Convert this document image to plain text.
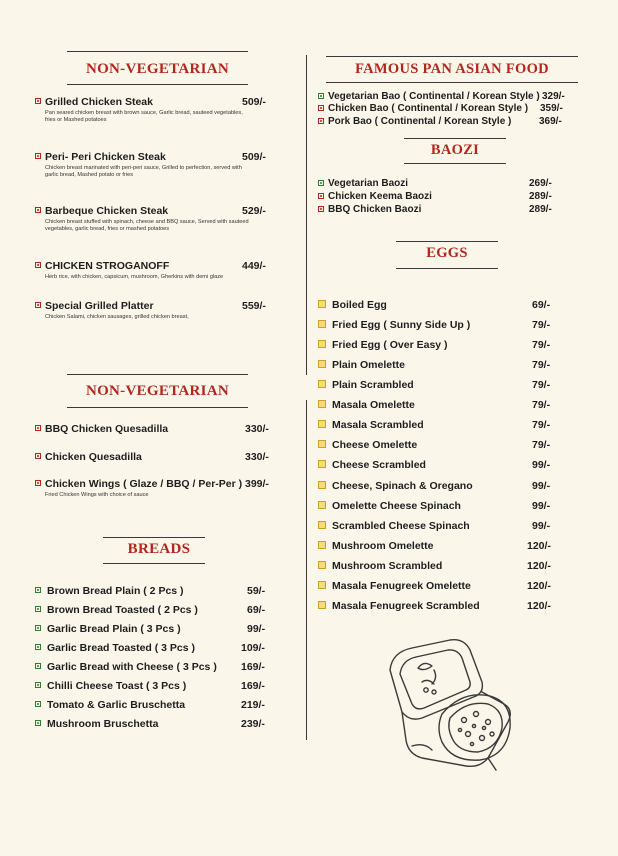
NON-VEGETARIAN
Grilled Chicken Steak	509/-
Pan seared chicken breast with brown sauce, Garlic bread, sauteed vegetables, fries or Mashed potatoes
Peri- Peri Chicken Steak	509/-
Chicken breast marinated with peri-peri sauce, Grilled to perfection, served with garlic bread, Mashed potato or fries
Barbeque Chicken Steak	529/-
Chicken breast stuffed with spinach, cheese and BBQ sauce, Served with sauteed vegetables, garlic bread, fries or mashed potatoes
CHICKEN STROGANOFF	449/-
Herb rice, with chicken, capsicum, mushroom, Gherkins with demi glaze
Special Grilled Platter	559/-
Chicken Salami, chicken sausages, grilled chicken breast,
NON-VEGETARIAN
BBQ Chicken Quesadilla	330/-
Chicken Quesadilla	330/-
Chicken Wings ( Glaze / BBQ / Per-Per ) 399/-
Fried Chicken Wings with choice of sauce
BREADS
Brown Bread Plain ( 2 Pcs )	59/-
Brown Bread Toasted ( 2 Pcs )	69/-
Garlic Bread Plain ( 3 Pcs )	99/-
Garlic Bread Toasted ( 3 Pcs )	109/-
Garlic Bread with Cheese ( 3 Pcs ) 169/-
Chilli Cheese Toast ( 3 Pcs )	169/-
Tomato & Garlic Bruschetta	219/-
Mushroom Bruschetta	239/-
FAMOUS PAN ASIAN FOOD
Vegetarian Bao ( Continental / Korean Style ) 329/-
Chicken Bao ( Continental / Korean Style ) 359/-
Pork Bao ( Continental / Korean Style )	369/-
BAOZI
Vegetarian Baozi	269/-
Chicken Keema Baozi	289/-
BBQ Chicken Baozi	289/-
EGGS
Boiled Egg	69/-
Fried Egg ( Sunny Side Up )	79/-
Fried Egg ( Over Easy )	79/-
Plain Omelette	79/-
Plain Scrambled	79/-
Masala Omelette	79/-
Masala Scrambled	79/-
Cheese Omelette	79/-
Cheese Scrambled	99/-
Cheese, Spinach & Oregano	99/-
Omelette Cheese Spinach	99/-
Scrambled Cheese Spinach	99/-
Mushroom Omelette	120/-
Mushroom Scrambled	120/-
Masala Fenugreek Omelette	120/-
Masala Fenugreek Scrambled	120/-
